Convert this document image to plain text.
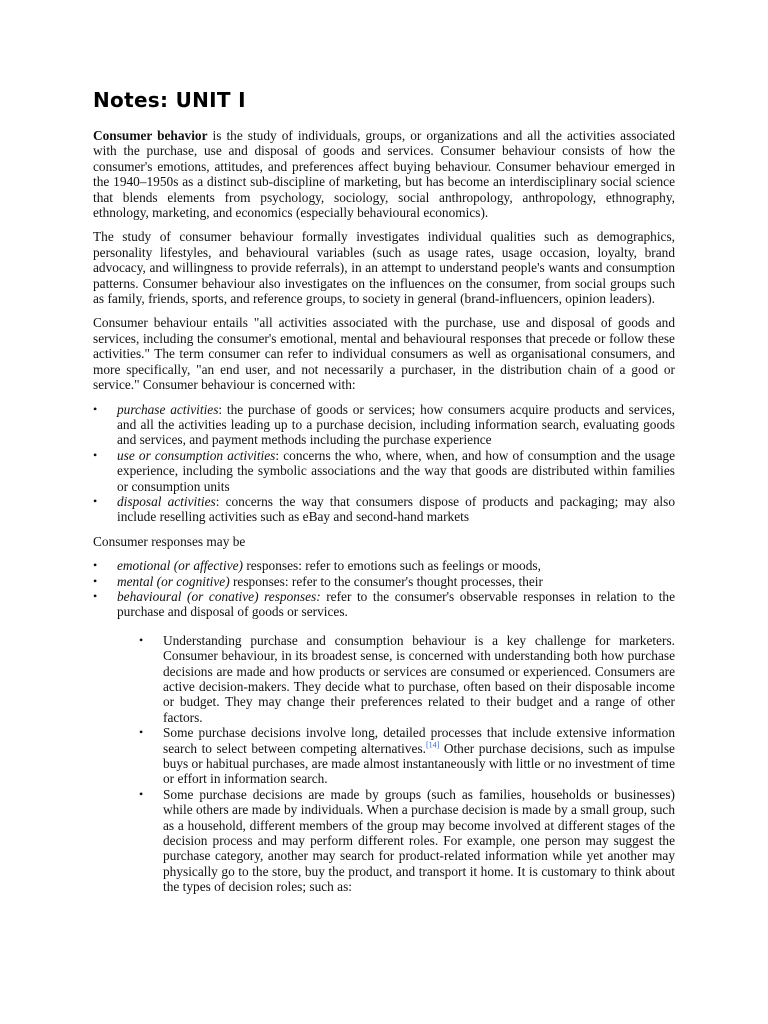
Notes: UNIT I

Consumer behavior is the study of individuals, groups, or organizations and all the activities associated with the purchase, use and disposal of goods and services. Consumer behaviour consists of how the consumer's emotions, attitudes, and preferences affect buying behaviour. Consumer behaviour emerged in the 1940–1950s as a distinct sub-discipline of marketing, but has become an interdisciplinary social science that blends elements from psychology, sociology, social anthropology, anthropology, ethnography, ethnology, marketing, and economics (especially behavioural economics).

The study of consumer behaviour formally investigates individual qualities such as demographics, personality lifestyles, and behavioural variables (such as usage rates, usage occasion, loyalty, brand advocacy, and willingness to provide referrals), in an attempt to understand people's wants and consumption patterns. Consumer behaviour also investigates on the influences on the consumer, from social groups such as family, friends, sports, and reference groups, to society in general (brand-influencers, opinion leaders).

Consumer behaviour entails "all activities associated with the purchase, use and disposal of goods and services, including the consumer's emotional, mental and behavioural responses that precede or follow these activities." The term consumer can refer to individual consumers as well as organisational consumers, and more specifically, "an end user, and not necessarily a purchaser, in the distribution chain of a good or service." Consumer behaviour is concerned with:

• purchase activities: the purchase of goods or services; how consumers acquire products and services, and all the activities leading up to a purchase decision, including information search, evaluating goods and services, and payment methods including the purchase experience
• use or consumption activities: concerns the who, where, when, and how of consumption and the usage experience, including the symbolic associations and the way that goods are distributed within families or consumption units
• disposal activities: concerns the way that consumers dispose of products and packaging; may also include reselling activities such as eBay and second-hand markets

Consumer responses may be

• emotional (or affective) responses: refer to emotions such as feelings or moods,
• mental (or cognitive) responses: refer to the consumer's thought processes, their
• behavioural (or conative) responses: refer to the consumer's observable responses in relation to the purchase and disposal of goods or services.
• Understanding purchase and consumption behaviour is a key challenge for marketers. Consumer behaviour, in its broadest sense, is concerned with understanding both how purchase decisions are made and how products or services are consumed or experienced. Consumers are active decision-makers. They decide what to purchase, often based on their disposable income or budget. They may change their preferences related to their budget and a range of other factors.
• Some purchase decisions involve long, detailed processes that include extensive information search to select between competing alternatives.[14] Other purchase decisions, such as impulse buys or habitual purchases, are made almost instantaneously with little or no investment of time or effort in information search.
• Some purchase decisions are made by groups (such as families, households or businesses) while others are made by individuals. When a purchase decision is made by a small group, such as a household, different members of the group may become involved at different stages of the decision process and may perform different roles. For example, one person may suggest the purchase category, another may search for product-related information while yet another may physically go to the store, buy the product, and transport it home. It is customary to think about the types of decision roles; such as:
